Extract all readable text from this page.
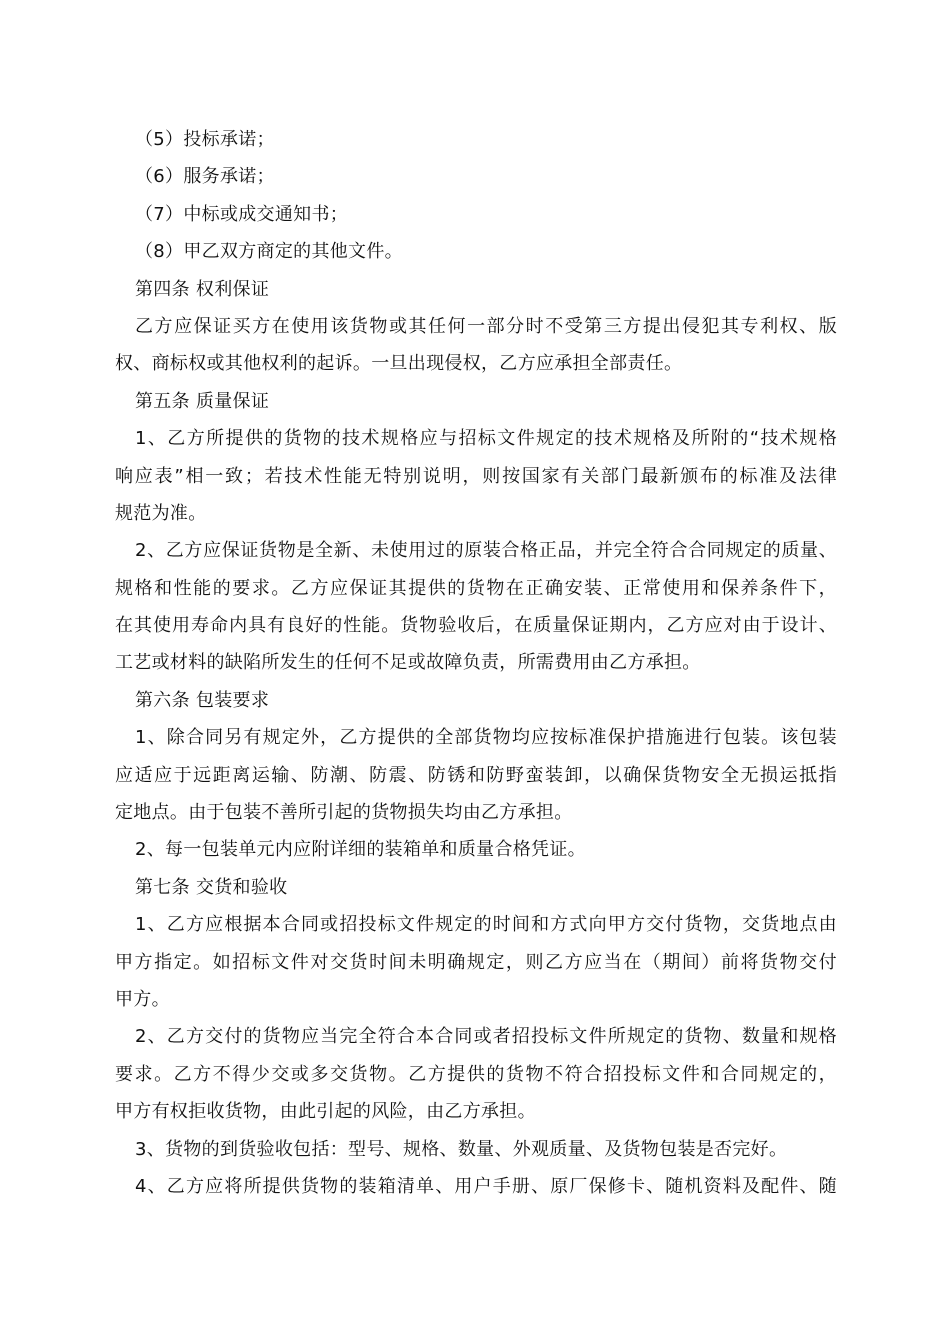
（5）投标承诺；
（6）服务承诺；
（7）中标或成交通知书；
（8）甲乙双方商定的其他文件。
第四条 权利保证
乙方应保证买方在使用该货物或其任何一部分时不受第三方提出侵犯其专利权、版
权、商标权或其他权利的起诉。一旦出现侵权，乙方应承担全部责任。
第五条 质量保证
1、乙方所提供的货物的技术规格应与招标文件规定的技术规格及所附的“技术规格
响应表”相一致；若技术性能无特别说明，则按国家有关部门最新颁布的标准及法律
规范为准。
2、乙方应保证货物是全新、未使用过的原装合格正品，并完全符合合同规定的质量、
规格和性能的要求。乙方应保证其提供的货物在正确安装、正常使用和保养条件下，
在其使用寿命内具有良好的性能。货物验收后，在质量保证期内，乙方应对由于设计、
工艺或材料的缺陷所发生的任何不足或故障负责，所需费用由乙方承担。
第六条 包装要求
1、除合同另有规定外，乙方提供的全部货物均应按标准保护措施进行包装。该包装
应适应于远距离运输、防潮、防震、防锈和防野蛮装卸，以确保货物安全无损运抵指
定地点。由于包装不善所引起的货物损失均由乙方承担。
2、每一包装单元内应附详细的装箱单和质量合格凭证。
第七条 交货和验收
1、乙方应根据本合同或招投标文件规定的时间和方式向甲方交付货物，交货地点由
甲方指定。如招标文件对交货时间未明确规定，则乙方应当在（期间）前将货物交付
甲方。
2、乙方交付的货物应当完全符合本合同或者招投标文件所规定的货物、数量和规格
要求。乙方不得少交或多交货物。乙方提供的货物不符合招投标文件和合同规定的，
甲方有权拒收货物，由此引起的风险，由乙方承担。
3、货物的到货验收包括：型号、规格、数量、外观质量、及货物包装是否完好。
4、乙方应将所提供货物的装箱清单、用户手册、原厂保修卡、随机资料及配件、随
